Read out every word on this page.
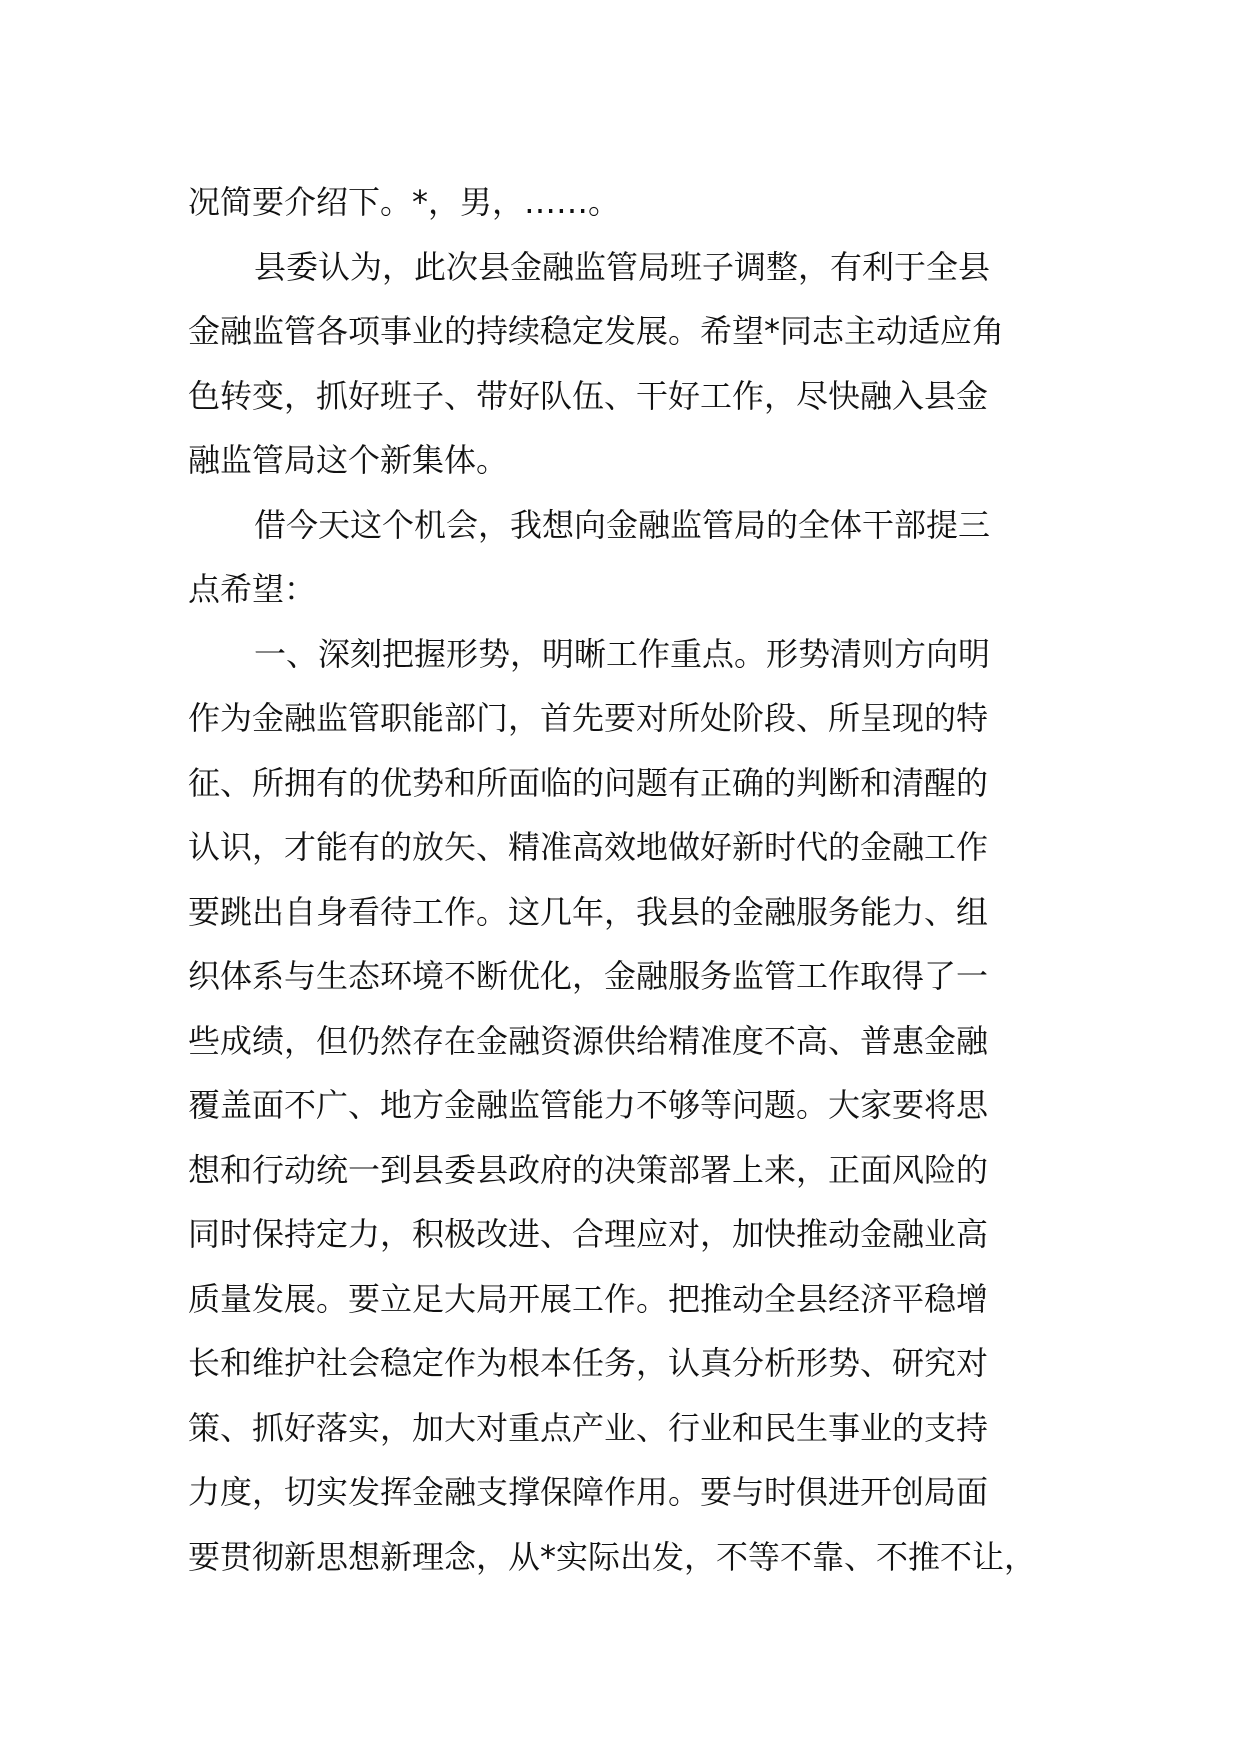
况简要介绍下。*，男，……。

县委认为，此次县金融监管局班子调整，有利于全县
金融监管各项事业的持续稳定发展。希望*同志主动适应角
色转变，抓好班子、带好队伍、干好工作，尽快融入县金
融监管局这个新集体。

借今天这个机会，我想向金融监管局的全体干部提三
点希望：

一、深刻把握形势，明晰工作重点。形势清则方向明
作为金融监管职能部门，首先要对所处阶段、所呈现的特
征、所拥有的优势和所面临的问题有正确的判断和清醒的
认识，才能有的放矢、精准高效地做好新时代的金融工作
要跳出自身看待工作。这几年，我县的金融服务能力、组
织体系与生态环境不断优化，金融服务监管工作取得了一
些成绩，但仍然存在金融资源供给精准度不高、普惠金融
覆盖面不广、地方金融监管能力不够等问题。大家要将思
想和行动统一到县委县政府的决策部署上来，正面风险的
同时保持定力，积极改进、合理应对，加快推动金融业高
质量发展。要立足大局开展工作。把推动全县经济平稳增
长和维护社会稳定作为根本任务，认真分析形势、研究对
策、抓好落实，加大对重点产业、行业和民生事业的支持
力度，切实发挥金融支撑保障作用。要与时俱进开创局面
要贯彻新思想新理念，从*实际出发，不等不靠、不推不让，
